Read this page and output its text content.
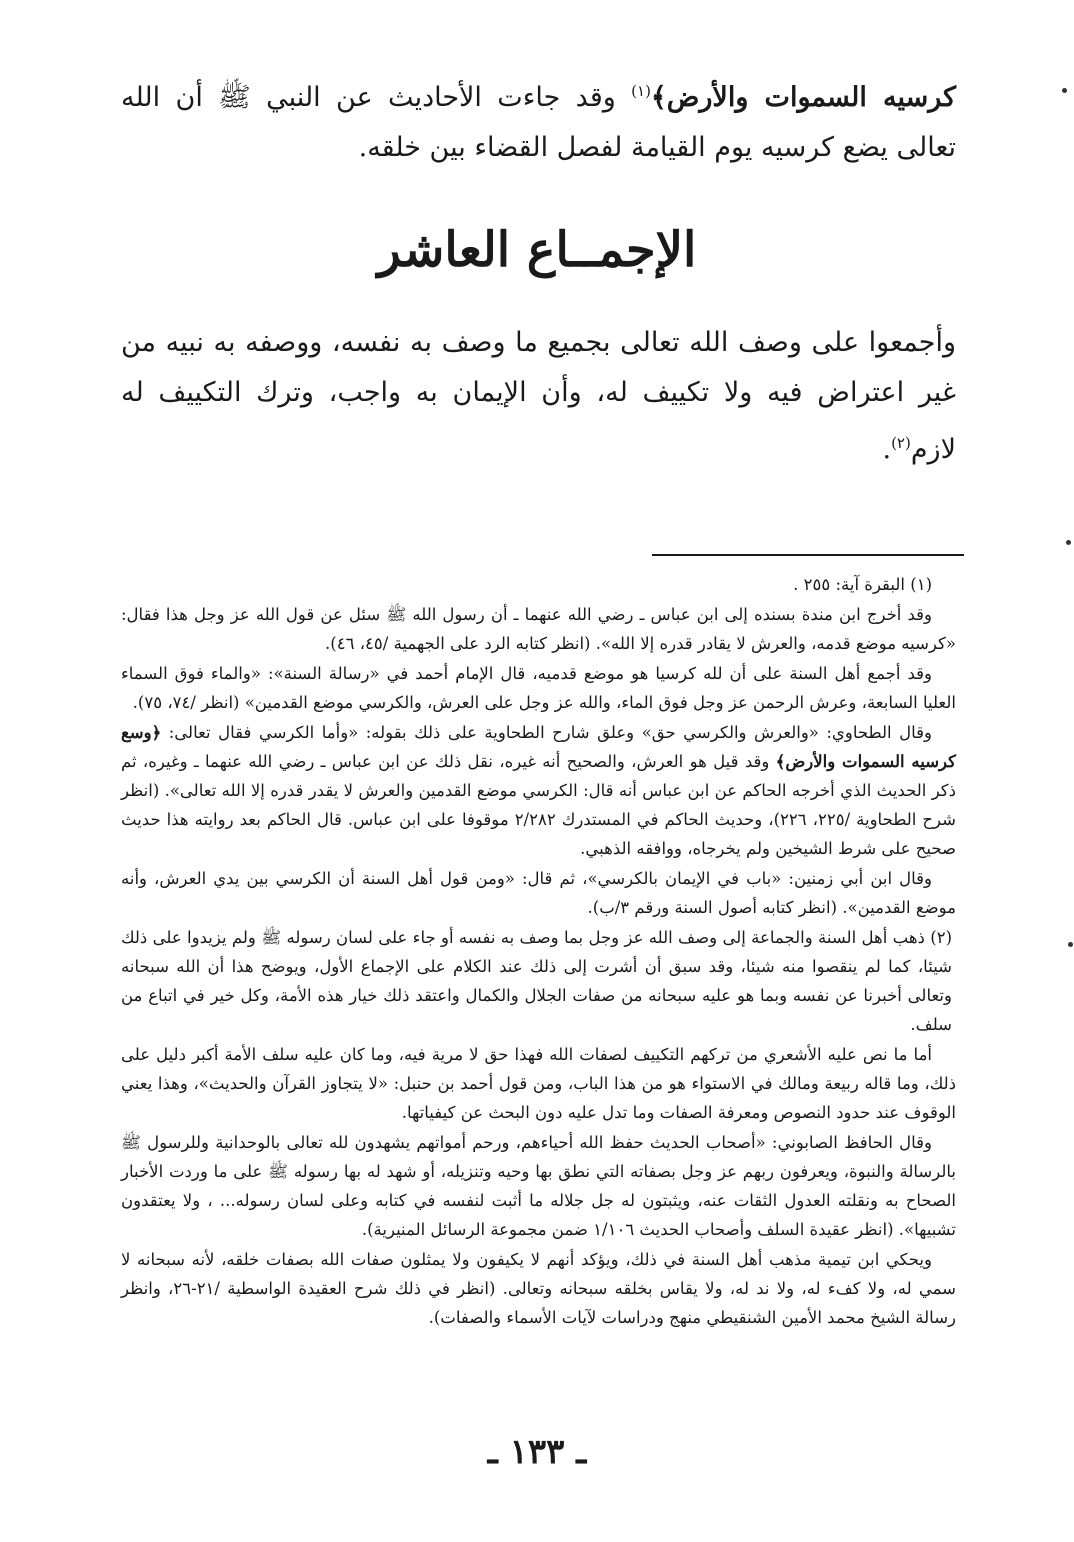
كرسيه السموات والأرض﴾$^{(١)}$ وقد جاءت الأحاديث عن النبي ﷺ أن الله تعالى يضع كرسيه يوم القيامة لفصل القضاء بين خلقه.

الإجمــاع العاشر

وأجمعوا على وصف الله تعالى بجميع ما وصف به نفسه، ووصفه به نبيه من غير اعتراض فيه ولا تكييف له، وأن الإيمان به واجب، وترك التكييف له لازم$^{(٢)}$.

(١) البقرة آية: ٢٥٥ .

وقد أخرج ابن مندة بسنده إلى ابن عباس ـ رضي الله عنهما ـ أن رسول الله ﷺ سئل عن قول الله عز وجل هذا فقال: «كرسيه موضع قدمه، والعرش لا يقادر قدره إلا الله». (انظر كتابه الرد على الجهمية /٤٥، ٤٦).

وقد أجمع أهل السنة على أن لله كرسيا هو موضع قدميه، قال الإمام أحمد في «رسالة السنة»: «والماء فوق السماء العليا السابعة، وعرش الرحمن عز وجل فوق الماء، والله عز وجل على العرش، والكرسي موضع القدمين» (انظر /٧٤، ٧٥).

وقال الطحاوي: «والعرش والكرسي حق» وعلق شارح الطحاوية على ذلك بقوله: «وأما الكرسي فقال تعالى: ﴿وسع كرسيه السموات والأرض﴾ وقد قيل هو العرش، والصحيح أنه غيره، نقل ذلك عن ابن عباس ـ رضي الله عنهما ـ وغيره، ثم ذكر الحديث الذي أخرجه الحاكم عن ابن عباس أنه قال: الكرسي موضع القدمين والعرش لا يقدر قدره إلا الله تعالى». (انظر شرح الطحاوية /٢٢٥، ٢٢٦)، وحديث الحاكم في المستدرك ٢/٢٨٢ موقوفا على ابن عباس. قال الحاكم بعد روايته هذا حديث صحيح على شرط الشيخين ولم يخرجاه، ووافقه الذهبي.

وقال ابن أبي زمنين: «باب في الإيمان بالكرسي»، ثم قال: «ومن قول أهل السنة أن الكرسي بين يدي العرش، وأنه موضع القدمين». (انظر كتابه أصول السنة ورقم ٣/ب).

(٢) ذهب أهل السنة والجماعة إلى وصف الله عز وجل بما وصف به نفسه أو جاء على لسان رسوله ﷺ ولم يزيدوا على ذلك شيئا، كما لم ينقصوا منه شيئا، وقد سبق أن أشرت إلى ذلك عند الكلام على الإجماع الأول، ويوضح هذا أن الله سبحانه وتعالى أخبرنا عن نفسه وبما هو عليه سبحانه من صفات الجلال والكمال واعتقد ذلك خيار هذه الأمة، وكل خير في اتباع من سلف.

أما ما نص عليه الأشعري من تركهم التكييف لصفات الله فهذا حق لا مرية فيه، وما كان عليه سلف الأمة أكبر دليل على ذلك، وما قاله ربيعة ومالك في الاستواء هو من هذا الباب، ومن قول أحمد بن حنبل: «لا يتجاوز القرآن والحديث»، وهذا يعني الوقوف عند حدود النصوص ومعرفة الصفات وما تدل عليه دون البحث عن كيفياتها.

وقال الحافظ الصابوني: «أصحاب الحديث حفظ الله أحياءهم، ورحم أمواتهم يشهدون لله تعالى بالوحدانية وللرسول ﷺ بالرسالة والنبوة، ويعرفون ربهم عز وجل بصفاته التي نطق بها وحيه وتنزيله، أو شهد له بها رسوله ﷺ على ما وردت الأخبار الصحاح به ونقلته العدول الثقات عنه، ويثبتون له جل جلاله ما أثبت لنفسه في كتابه وعلى لسان رسوله... ، ولا يعتقدون تشبيها». (انظر عقيدة السلف وأصحاب الحديث ١/١٠٦ ضمن مجموعة الرسائل المنيرية).

ويحكي ابن تيمية مذهب أهل السنة في ذلك، ويؤكد أنهم لا يكيفون ولا يمثلون صفات الله بصفات خلقه، لأنه سبحانه لا سمي له، ولا كفء له، ولا ند له، ولا يقاس بخلقه سبحانه وتعالى. (انظر في ذلك شرح العقيدة الواسطية /٢١-٢٦، وانظر رسالة الشيخ محمد الأمين الشنقيطي منهج ودراسات لآيات الأسماء والصفات).

ـ ١٣٣ ـ
